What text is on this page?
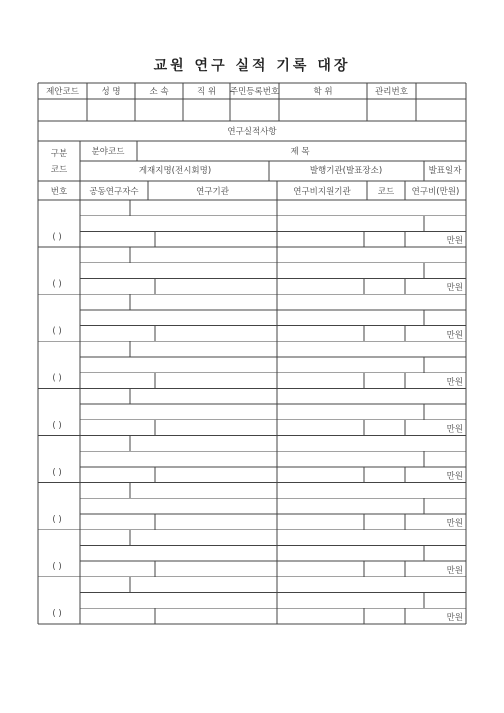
교원 연구 실적 기록 대장
제안코드	성 명	소 속	직 위 주민등록번호	학 위	관리번호
연구실적사항
구분
코드
분야코드	제 목
게재지명(전시회명)	발행기관(발표장소)	발표일자
번호	공동연구자수	연구기관	연구비지원기관	코드 연구비(만원)
( )	만원
( )	만원
( )	만원
( )	만원
( )	만원
( )	만원
( )	만원
( )	만원
( )	만원
